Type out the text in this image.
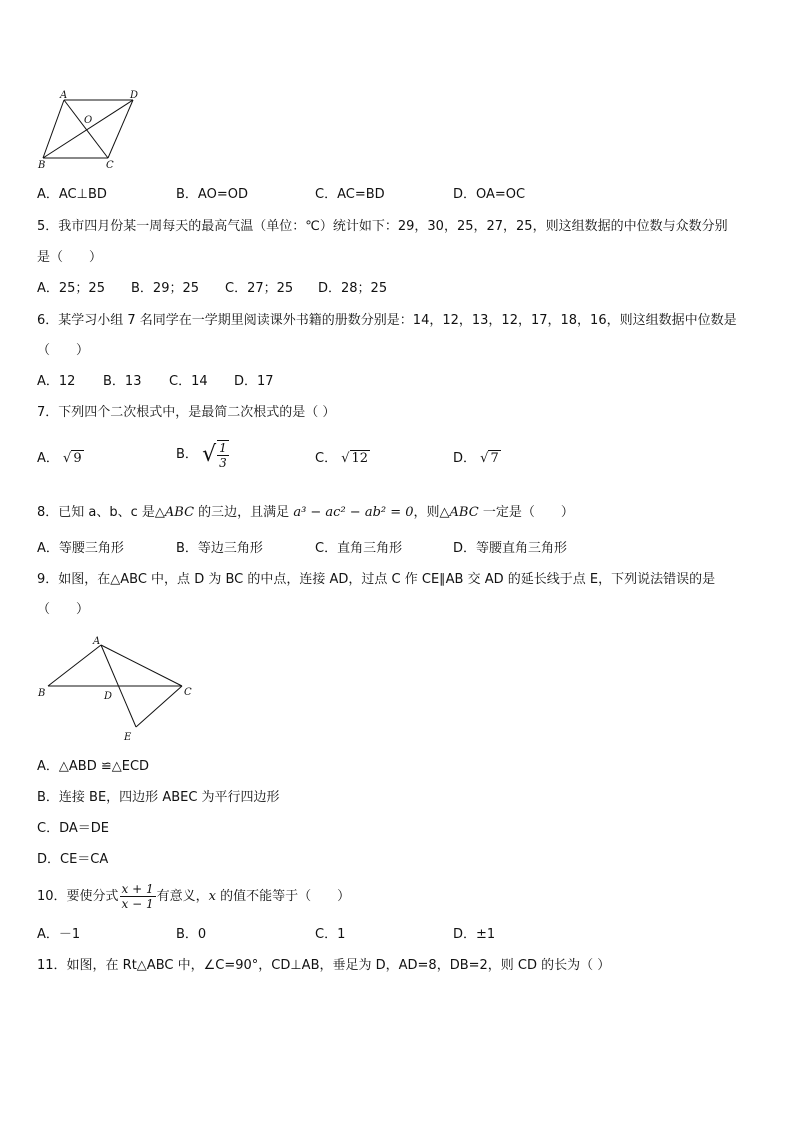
A	D
O
B	C
A．AC⊥BD	B．AO=OD	C．AC=BD	D．OA=OC
5．我市四月份某一周每天的最高气温（单位：℃）统计如下：29，30，25，27，25，则这组数据的中位数与众数分别
是（　　）
A．25；25 B．29；25 C．27；25 D．28；25
6．某学习小组 7 名同学在一学期里阅读课外书籍的册数分别是：14，12，13，12，17，18，16，则这组数据中位数是
（　　）
A．12 B．13 C．14 D．17
7．下列四个二次根式中，是最简二次根式的是（ ）
A． √ 9	B． √ $\frac{1}{3}$	C． √ 12	D． √ 7
8．已知 a、b、c 是△ABC 的三边，且满足 a³ − ac² − ab² = 0，则△ABC 一定是（　　）
A．等腰三角形	B．等边三角形	C．直角三角形	D．等腰直角三角形
9．如图，在△ABC 中，点 D 为 BC 的中点，连接 AD，过点 C 作 CE∥AB 交 AD 的延长线于点 E，下列说法错误的是
（　　）
A
B	D	C
E
A．△ABD ≌△ECD
B．连接 BE，四边形 ABEC 为平行四边形
C．DA＝DE
D．CE＝CA
10．要使分式 $\frac{x + 1}{x - 1}$ 有意义，x 的值不能等于（　　）
A．－1	B．0	C．1	D．±1
11．如图，在 Rt△ABC 中，∠C=90°，CD⊥AB，垂足为 D，AD=8，DB=2，则 CD 的长为（ ）
